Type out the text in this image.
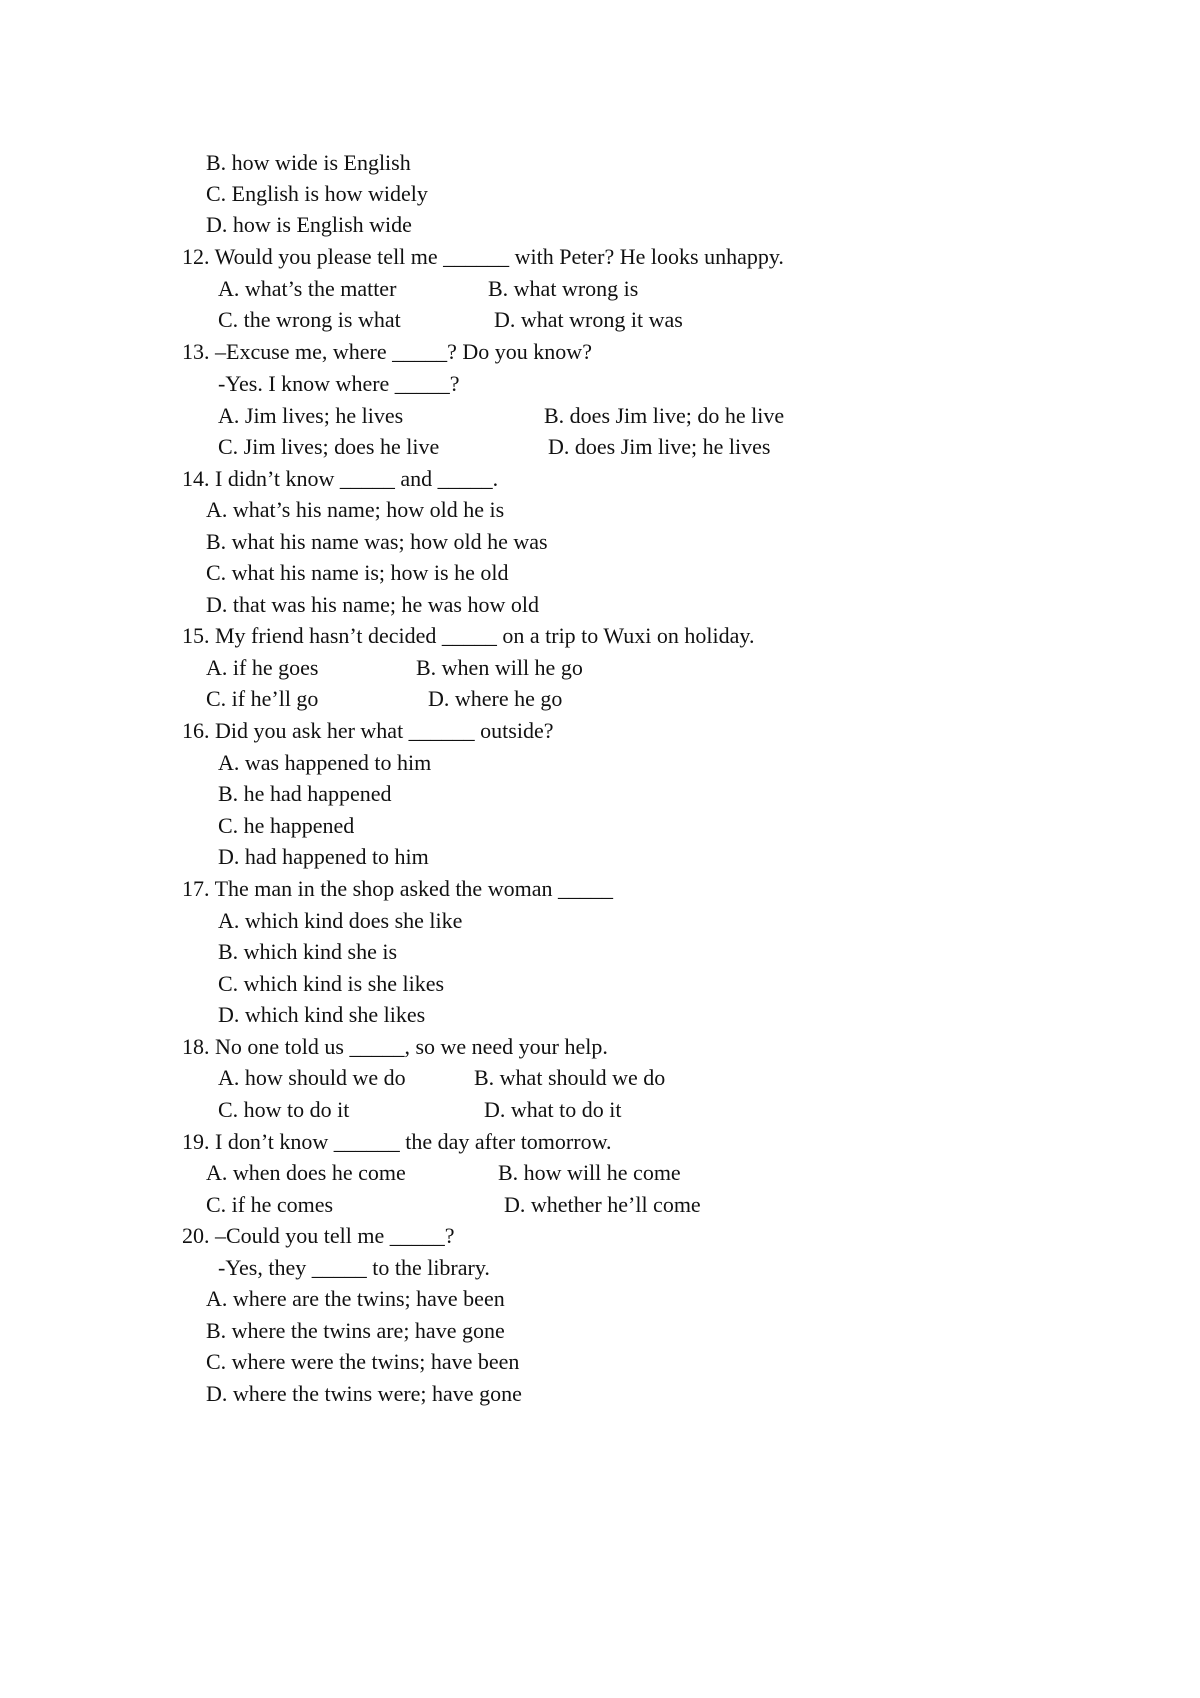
B. how wide is English
C. English is how widely
D. how is English wide
12. Would you please tell me ______ with Peter? He looks unhappy.
A. what’s the matter	B. what wrong is
C. the wrong is what	D. what wrong it was
13. –Excuse me, where _____? Do you know?
-Yes. I know where _____?
A. Jim lives; he lives	B. does Jim live; do he live
C. Jim lives; does he live	D. does Jim live; he lives
14. I didn’t know _____ and _____.
A. what’s his name; how old he is
B. what his name was; how old he was
C. what his name is; how is he old
D. that was his name; he was how old
15. My friend hasn’t decided _____ on a trip to Wuxi on holiday.
A. if he goes	B. when will he go
C. if he’ll go	D. where he go
16. Did you ask her what ______ outside?
A. was happened to him
B. he had happened
C. he happened
D. had happened to him
17. The man in the shop asked the woman _____
A. which kind does she like
B. which kind she is
C. which kind is she likes
D. which kind she likes
18. No one told us _____, so we need your help.
A. how should we do	B. what should we do
C. how to do it	D. what to do it
19. I don’t know ______ the day after tomorrow.
A. when does he come	B. how will he come
C. if he comes	D. whether he’ll come
20. –Could you tell me _____?
-Yes, they _____ to the library.
A. where are the twins; have been
B. where the twins are; have gone
C. where were the twins; have been
D. where the twins were; have gone
